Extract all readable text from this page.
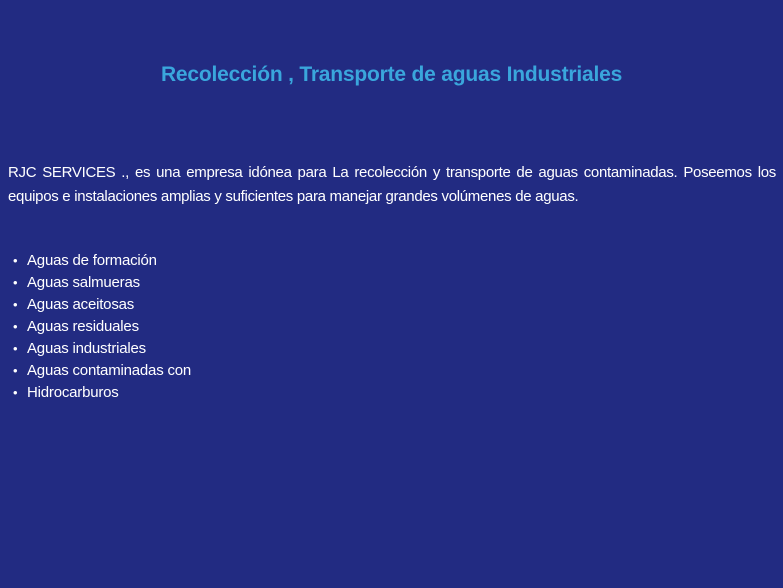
Recolección , Transporte de aguas Industriales

RJC SERVICES ., es una empresa idónea para La recolección y transporte de aguas contaminadas. Poseemos los equipos e instalaciones amplias y suficientes para manejar grandes volúmenes de aguas.

• Aguas de formación
• Aguas salmueras
• Aguas aceitosas
• Aguas residuales
• Aguas industriales
• Aguas contaminadas con
• Hidrocarburos
